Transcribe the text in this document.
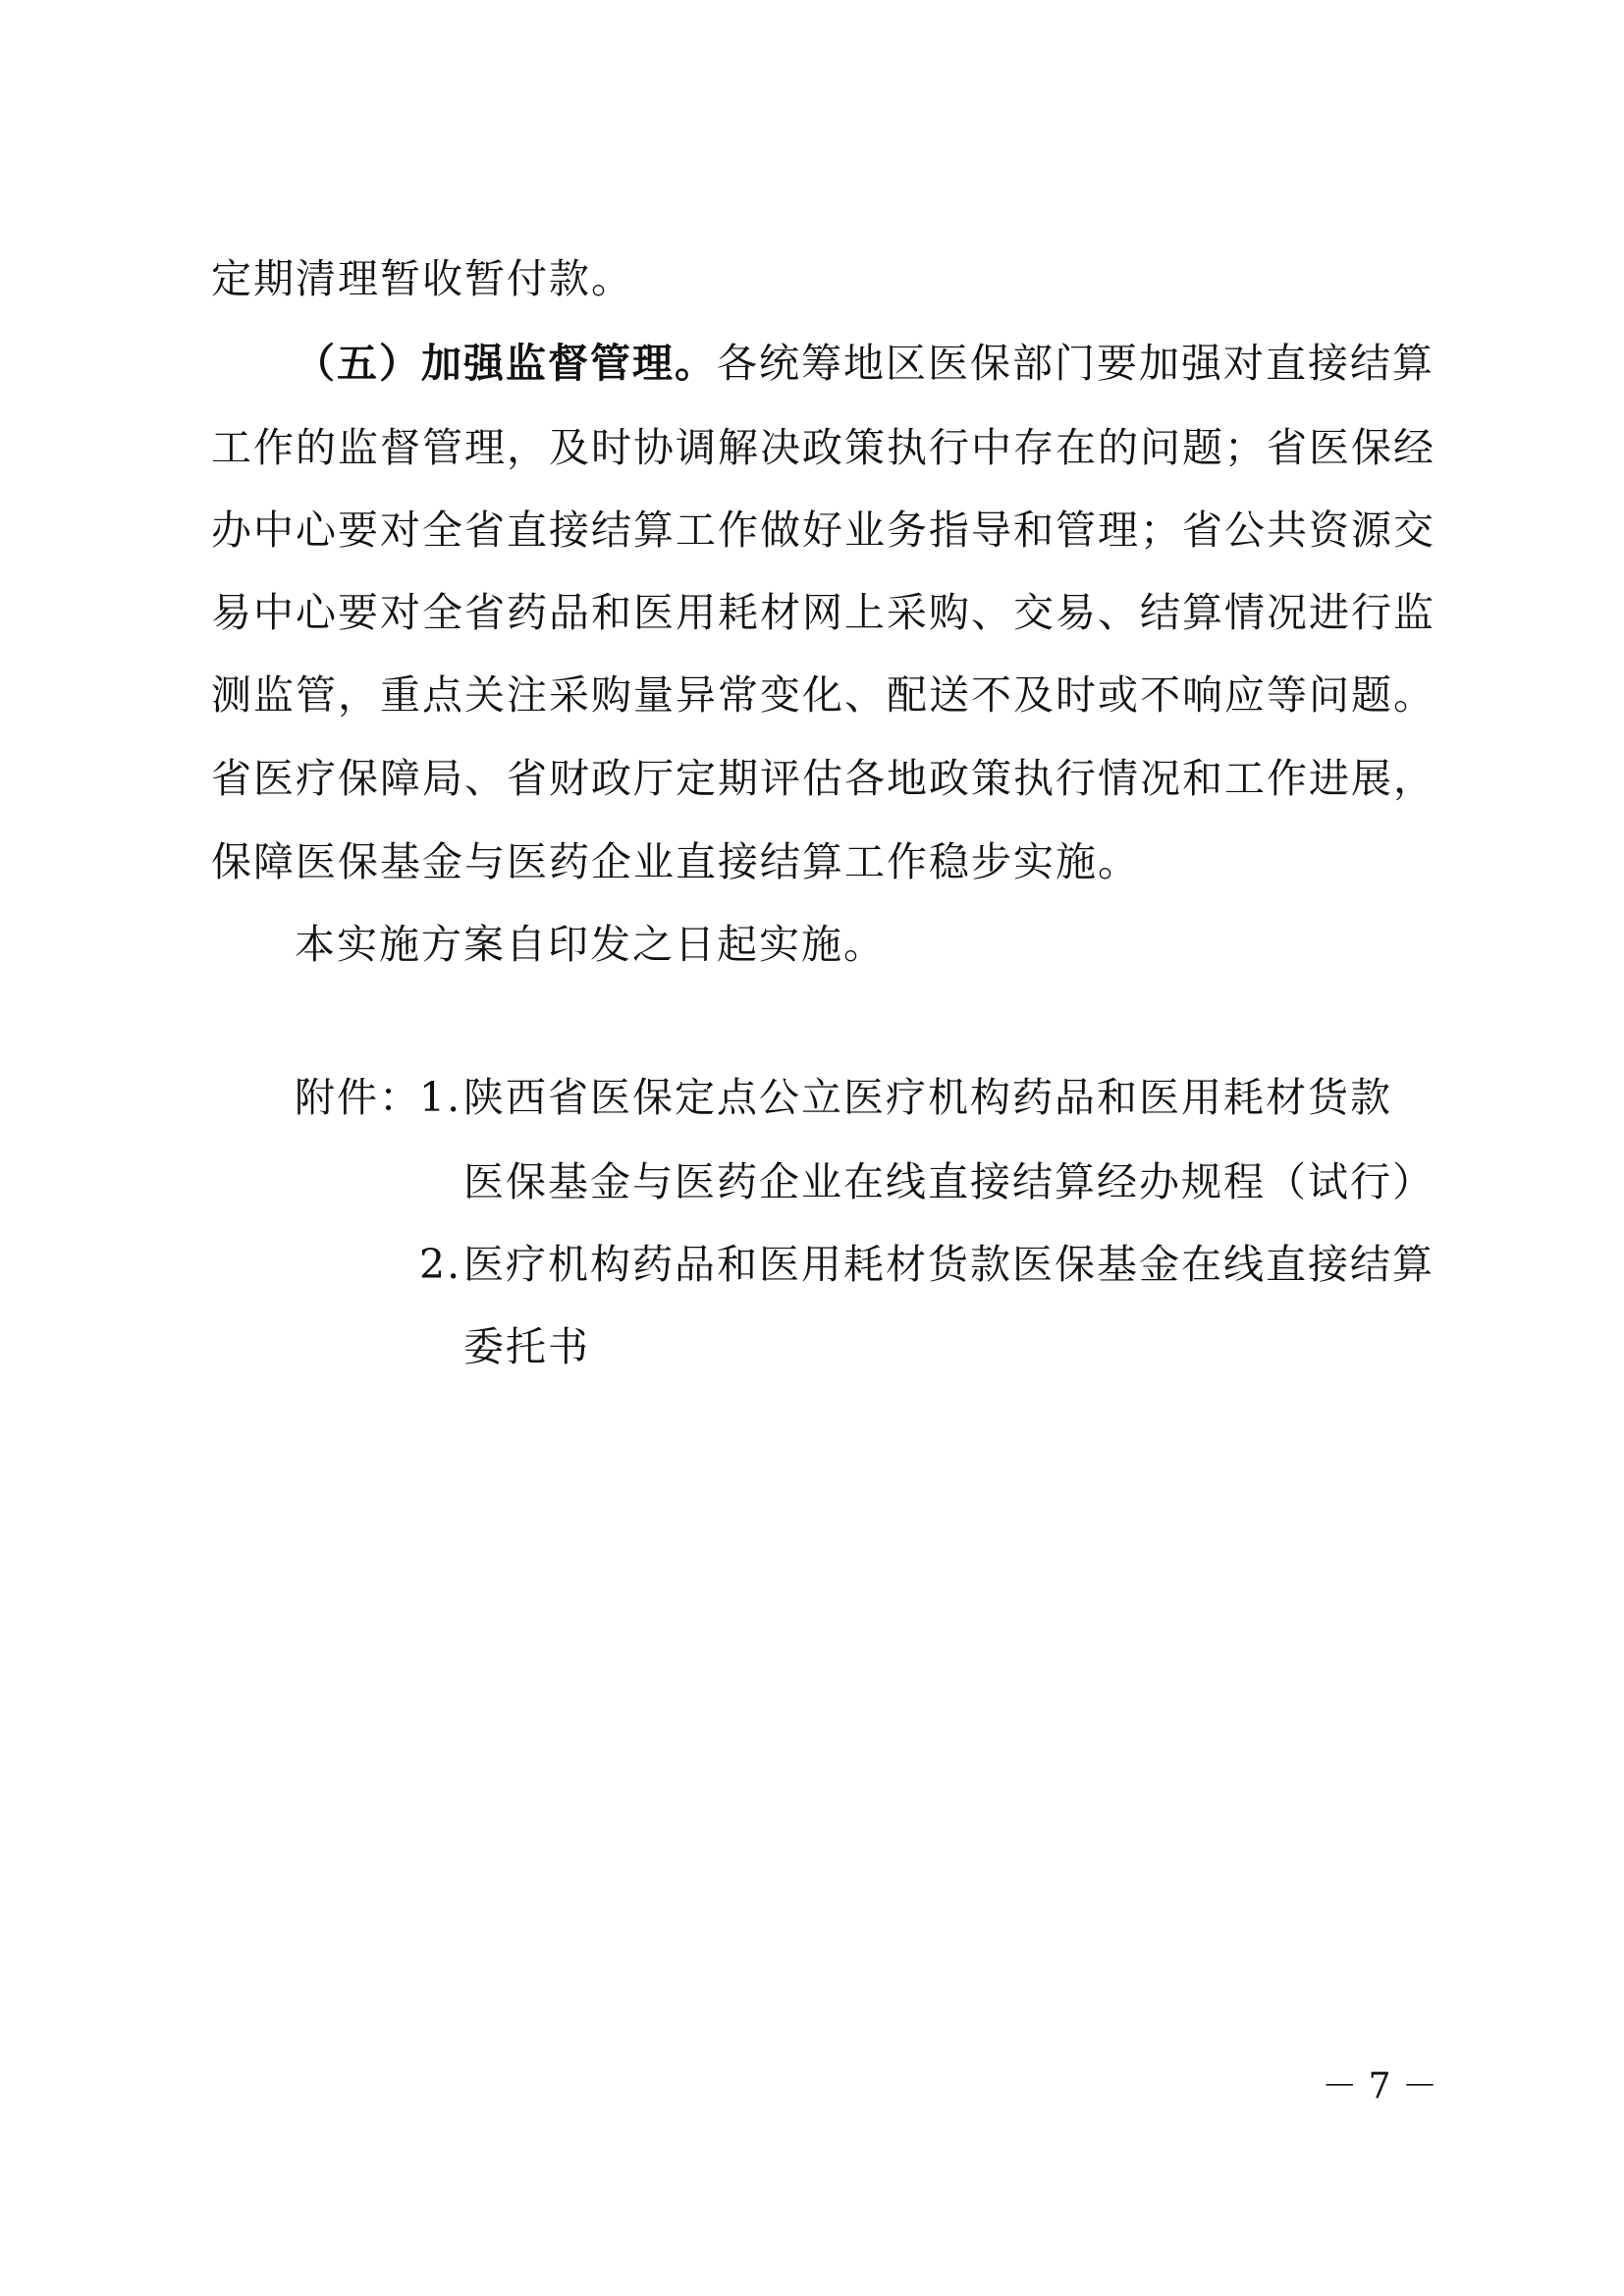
定期清理暂收暂付款。
（五）加强监督管理。各统筹地区医保部门要加强对直接结算
工作的监督管理，及时协调解决政策执行中存在的问题；省医保经
办中心要对全省直接结算工作做好业务指导和管理；省公共资源交
易中心要对全省药品和医用耗材网上采购、交易、结算情况进行监
测监管，重点关注采购量异常变化、配送不及时或不响应等问题。
省医疗保障局、省财政厅定期评估各地政策执行情况和工作进展，
保障医保基金与医药企业直接结算工作稳步实施。
本实施方案自印发之日起实施。
附件：
1. 陕西省医保定点公立医疗机构药品和医用耗材货款
医保基金与医药企业在线直接结算经办规程（试行）
2. 医疗机构药品和医用耗材货款医保基金在线直接结算
委托书
－ 7 －
